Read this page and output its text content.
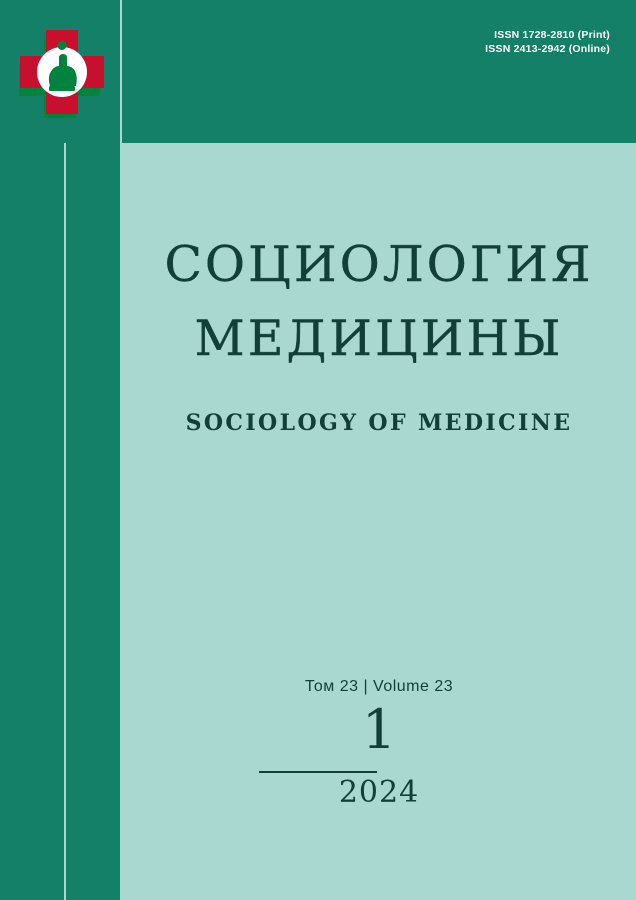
ISSN 1728-2810 (Print)
ISSN 2413-2942 (Online)
СОЦИОЛОГИЯ
МЕДИЦИНЫ
SOCIOLOGY OF MEDICINE
Том 23 | Volume 23
1
2024
